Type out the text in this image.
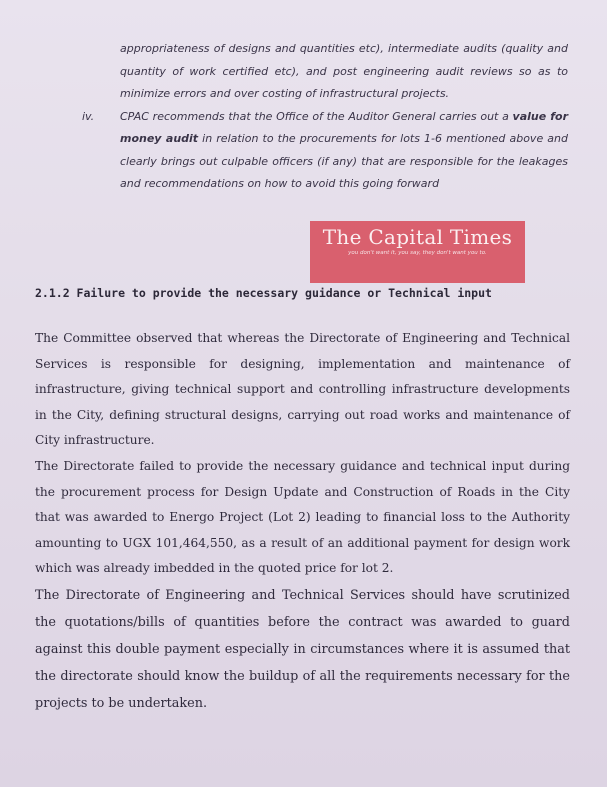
appropriateness of designs and quantities etc), intermediate audits (quality and quantity of work certified etc), and post engineering audit reviews so as to minimize errors and over costing of infrastructural projects.
iv.	CPAC recommends that the Office of the Auditor General carries out a value for money audit in relation to the procurements for lots 1-6 mentioned above and clearly brings out culpable officers (if any) that are responsible for the leakages and recommendations on how to avoid this going forward
The Capital Times
you don't want it, you say, they don't want you to.
2.1.2 Failure to provide the necessary guidance or Technical input

The Committee observed that whereas the Directorate of Engineering and Technical Services is responsible for designing, implementation and maintenance of infrastructure, giving technical support and controlling infrastructure developments in the City, defining structural designs, carrying out road works and maintenance of City infrastructure.

The Directorate failed to provide the necessary guidance and technical input during the procurement process for Design Update and Construction of Roads in the City that was awarded to Energo Project (Lot 2) leading to financial loss to the Authority amounting to UGX 101,464,550, as a result of an additional payment for design work which was already imbedded in the quoted price for lot 2.

The Directorate of Engineering and Technical Services should have scrutinized the quotations/bills of quantities before the contract was awarded to guard against this double payment especially in circumstances where it is assumed that the directorate should know the buildup of all the requirements necessary for the projects to be undertaken.
